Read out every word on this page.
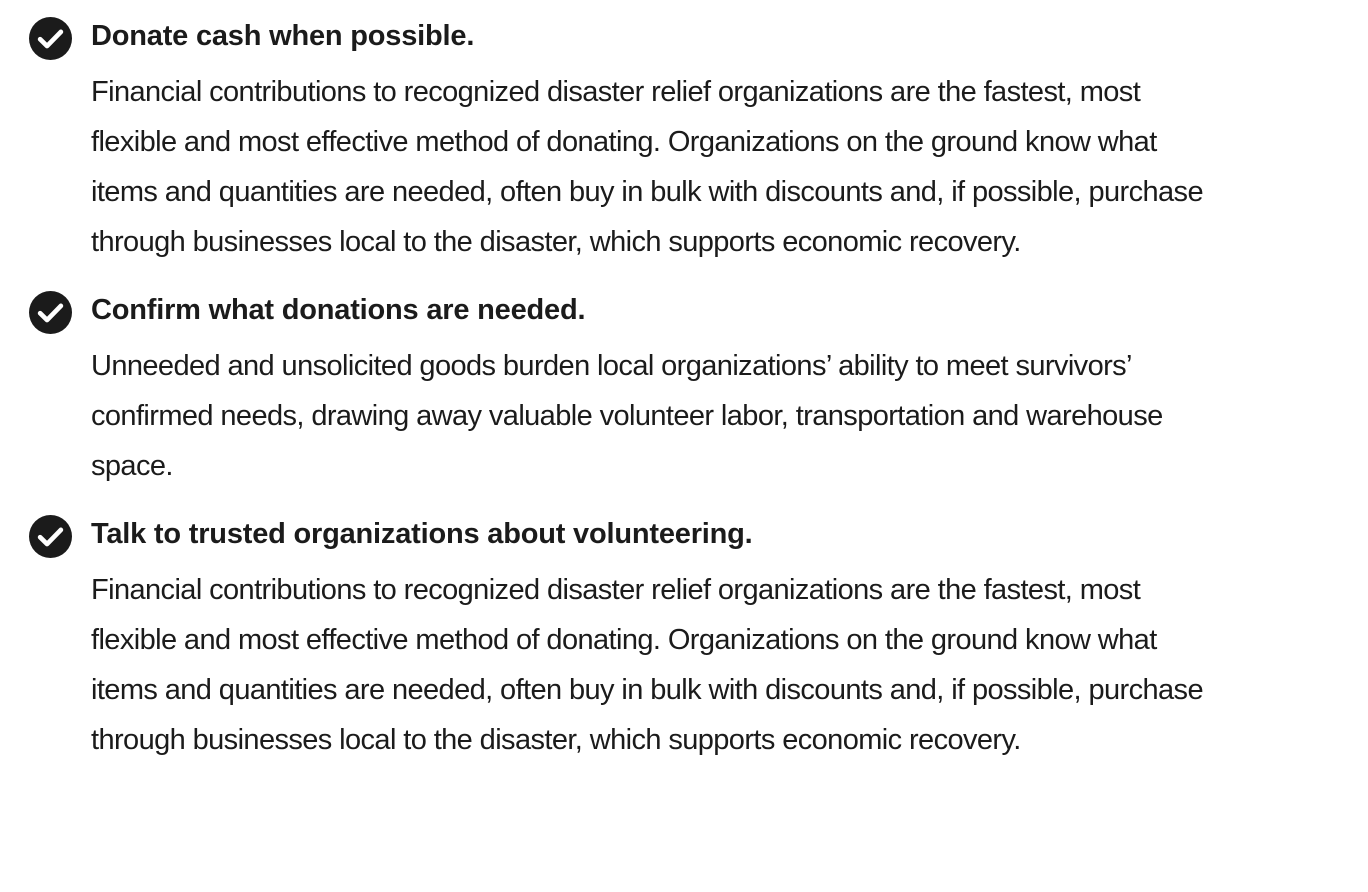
Donate cash when possible.

Financial contributions to recognized disaster relief organizations are the fastest, most flexible and most effective method of donating. Organizations on the ground know what items and quantities are needed, often buy in bulk with discounts and, if possible, purchase through businesses local to the disaster, which supports economic recovery.

Confirm what donations are needed.

Unneeded and unsolicited goods burden local organizations’ ability to meet survivors’ confirmed needs, drawing away valuable volunteer labor, transportation and warehouse space.

Talk to trusted organizations about volunteering.

Financial contributions to recognized disaster relief organizations are the fastest, most flexible and most effective method of donating. Organizations on the ground know what items and quantities are needed, often buy in bulk with discounts and, if possible, purchase through businesses local to the disaster, which supports economic recovery.
